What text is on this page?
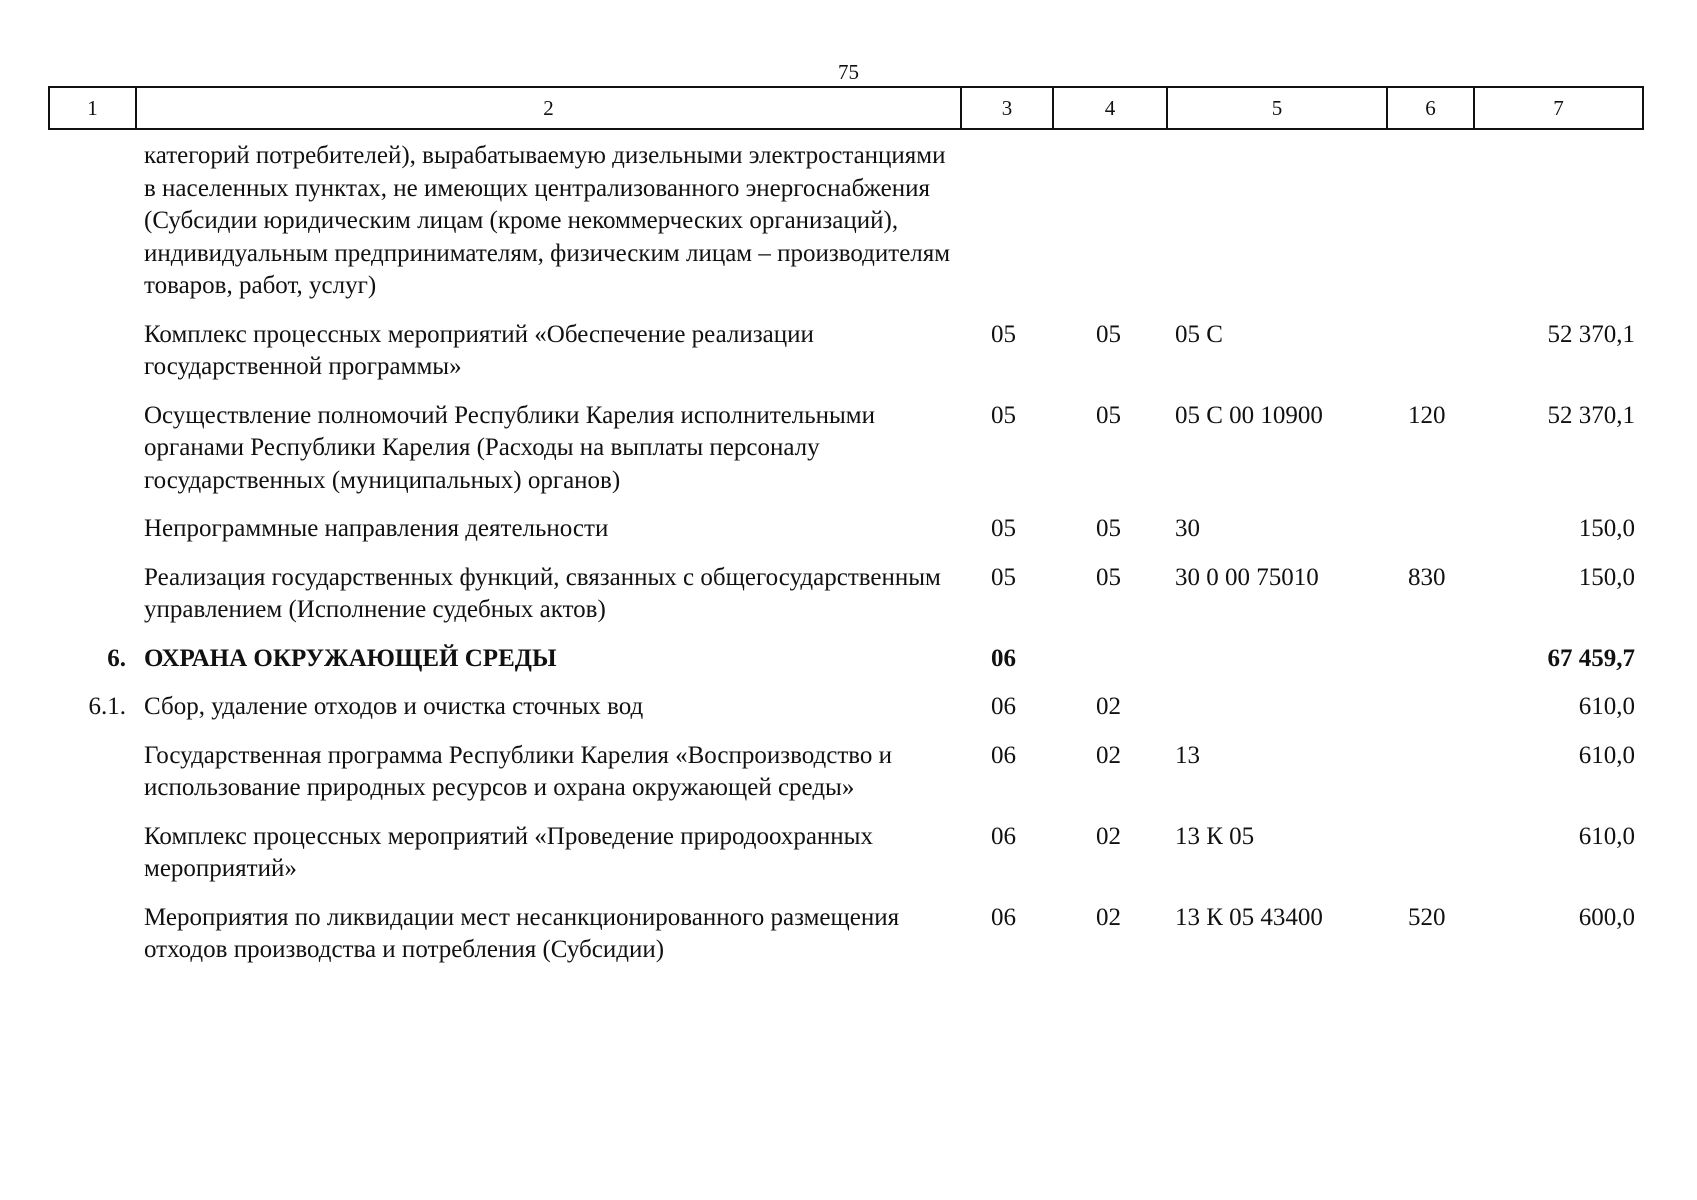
75
1	2	3	4	5	6	7
	категорий потребителей), вырабатываемую дизельными электростанциями в населенных пунктах, не имеющих централизованного энергоснабжения (Субсидии юридическим лицам (кроме некоммерческих организаций), индивидуальным предпринимателям, физическим лицам – производителям товаров, работ, услуг)					
	Комплекс процессных мероприятий «Обеспечение реализации государственной программы»	05	05	05 С		52 370,1
	Осуществление полномочий Республики Карелия исполнительными органами Республики Карелия (Расходы на выплаты персоналу государственных (муниципальных) органов)	05	05	05 С 00 10900	120	52 370,1
	Непрограммные направления деятельности	05	05	30		150,0
	Реализация государственных функций, связанных с общегосударственным управлением (Исполнение судебных актов)	05	05	30 0 00 75010	830	150,0
6.	ОХРАНА ОКРУЖАЮЩЕЙ СРЕДЫ	06				67 459,7
6.1.	Сбор, удаление отходов и очистка сточных вод	06	02			610,0
	Государственная программа Республики Карелия «Воспроизводство и использование природных ресурсов и охрана окружающей среды»	06	02	13		610,0
	Комплекс процессных мероприятий «Проведение природоохранных мероприятий»	06	02	13 К 05		610,0
	Мероприятия по ликвидации мест несанкционированного размещения отходов производства и потребления (Субсидии)	06	02	13 К 05 43400	520	600,0
